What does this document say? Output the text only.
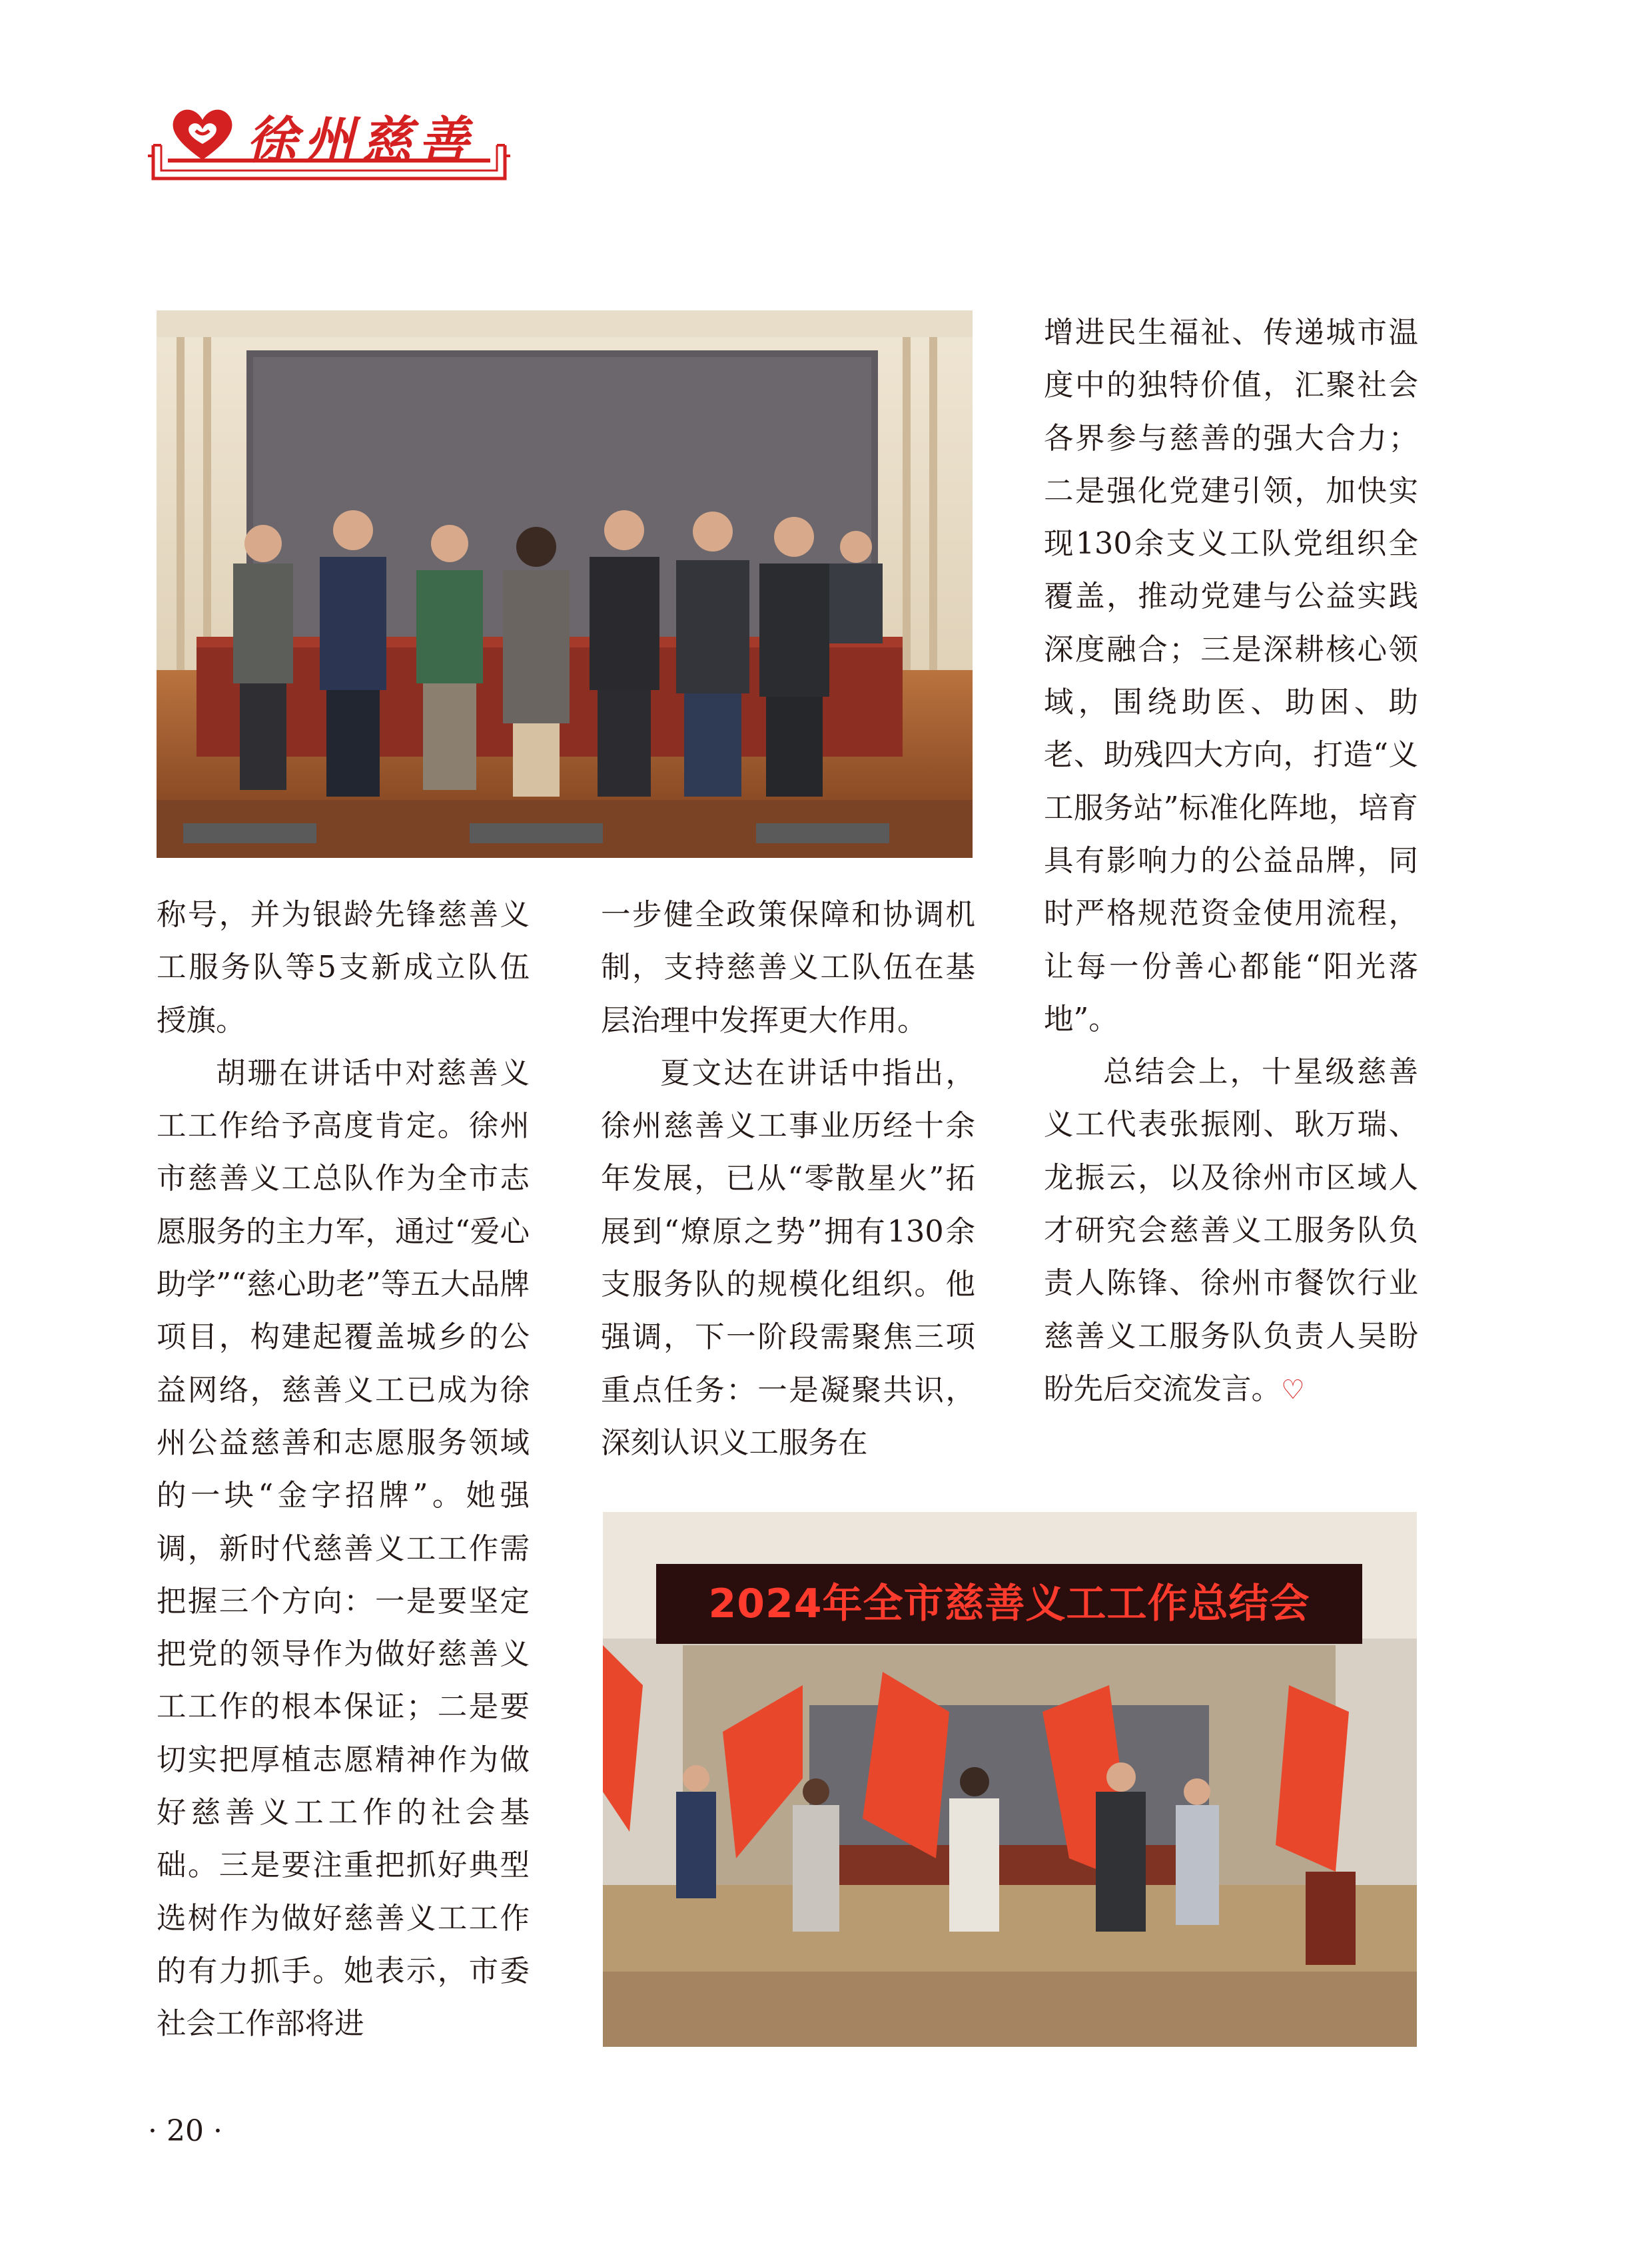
徐州慈善
2024年全市慈善义工工作总结会

称号，并为银龄先锋慈善义工服务队等5支新成立队伍授旗。

胡珊在讲话中对慈善义工工作给予高度肯定。徐州市慈善义工总队作为全市志愿服务的主力军，通过“爱心助学”“慈心助老”等五大品牌项目，构建起覆盖城乡的公益网络，慈善义工已成为徐州公益慈善和志愿服务领域的一块“金字招牌”。她强调，新时代慈善义工工作需把握三个方向：一是要坚定把党的领导作为做好慈善义工工作的根本保证；二是要切实把厚植志愿精神作为做好慈善义工工作的社会基础。三是要注重把抓好典型选树作为做好慈善义工工作的有力抓手。她表示，市委社会工作部将进

一步健全政策保障和协调机制，支持慈善义工队伍在基层治理中发挥更大作用。

夏文达在讲话中指出，徐州慈善义工事业历经十余年发展，已从“零散星火”拓展到“燎原之势”拥有130余支服务队的规模化组织。他强调，下一阶段需聚焦三项重点任务：一是凝聚共识，深刻认识义工服务在

增进民生福祉、传递城市温度中的独特价值，汇聚社会各界参与慈善的强大合力；二是强化党建引领，加快实现130余支义工队党组织全覆盖，推动党建与公益实践深度融合；三是深耕核心领域，围绕助医、助困、助老、助残四大方向，打造“义工服务站”标准化阵地，培育具有影响力的公益品牌，同时严格规范资金使用流程，让每一份善心都能“阳光落地”。

总结会上，十星级慈善义工代表张振刚、耿万瑞、龙振云，以及徐州市区域人才研究会慈善义工服务队负责人陈锋、徐州市餐饮行业慈善义工服务队负责人吴盼盼先后交流发言。♡

· 20 ·
